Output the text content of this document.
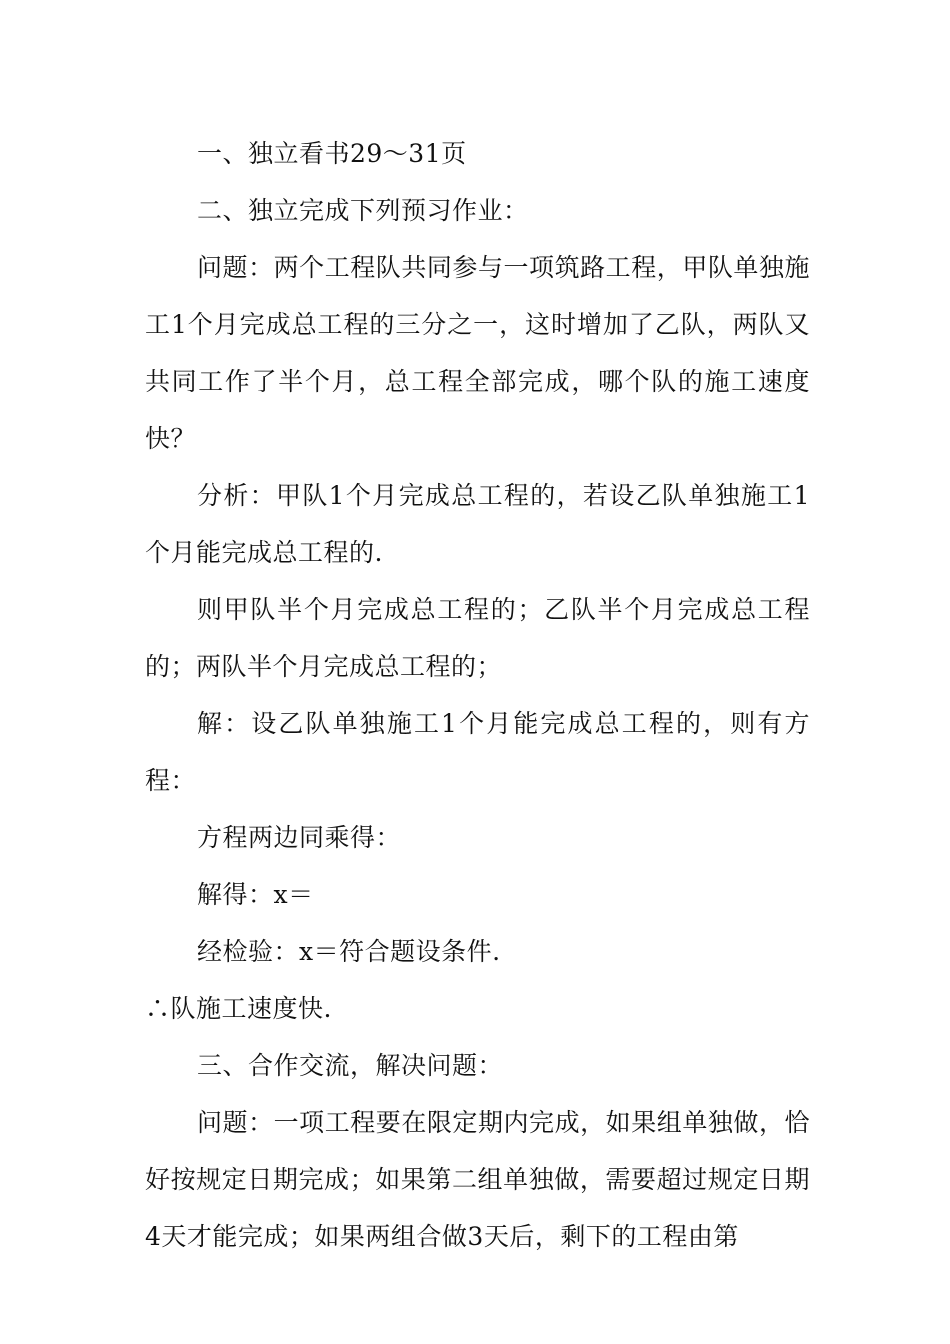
一、独立看书29～31页

二、独立完成下列预习作业：

问题：两个工程队共同参与一项筑路工程，甲队单独施工1个月完成总工程的三分之一，这时增加了乙队，两队又共同工作了半个月，总工程全部完成，哪个队的施工速度快？

分析：甲队1个月完成总工程的，若设乙队单独施工1个月能完成总工程的.

则甲队半个月完成总工程的；乙队半个月完成总工程的；两队半个月完成总工程的；

解：设乙队单独施工1个月能完成总工程的，则有方程：

方程两边同乘得：

解得：x＝

经检验：x＝符合题设条件.

∴队施工速度快.

三、合作交流，解决问题：

问题：一项工程要在限定期内完成，如果组单独做，恰好按规定日期完成；如果第二组单独做，需要超过规定日期4天才能完成；如果两组合做3天后，剩下的工程由第
